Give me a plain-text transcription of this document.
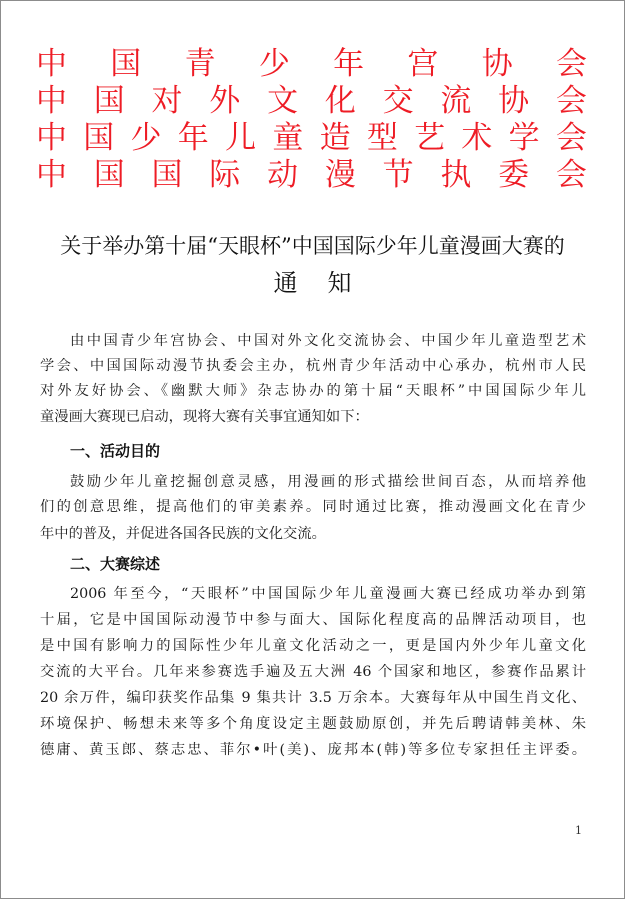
中 国 青 少 年 宫 协 会
中 国 对 外 文 化 交 流 协 会
中 国 少 年 儿 童 造 型 艺 术 学 会
中 国 国 际 动 漫 节 执 委 会
关于举办第十届“天眼杯”中国国际少年儿童漫画大赛的
通知
由中国青少年宫协会、中国对外文化交流协会、中国少年儿童造型艺术
学会、中国国际动漫节执委会主办，杭州青少年活动中心承办，杭州市人民
对外友好协会、《幽默大师》杂志协办的第十届“天眼杯”中国国际少年儿
童漫画大赛现已启动，现将大赛有关事宜通知如下：
一、活动目的
鼓励少年儿童挖掘创意灵感，用漫画的形式描绘世间百态，从而培养他
们的创意思维，提高他们的审美素养。同时通过比赛，推动漫画文化在青少
年中的普及，并促进各国各民族的文化交流。
二、大赛综述
2006 年至今，“天眼杯”中国国际少年儿童漫画大赛已经成功举办到第
十届，它是中国国际动漫节中参与面大、国际化程度高的品牌活动项目，也
是中国有影响力的国际性少年儿童文化活动之一，更是国内外少年儿童文化
交流的大平台。几年来参赛选手遍及五大洲 46 个国家和地区，参赛作品累计
20 余万件，编印获奖作品集 9 集共计 3.5 万余本。大赛每年从中国生肖文化、
环境保护、畅想未来等多个角度设定主题鼓励原创，并先后聘请韩美林、朱
德庸、黄玉郎、蔡志忠、菲尔•叶(美)、庞邦本(韩)等多位专家担任主评委。
1
